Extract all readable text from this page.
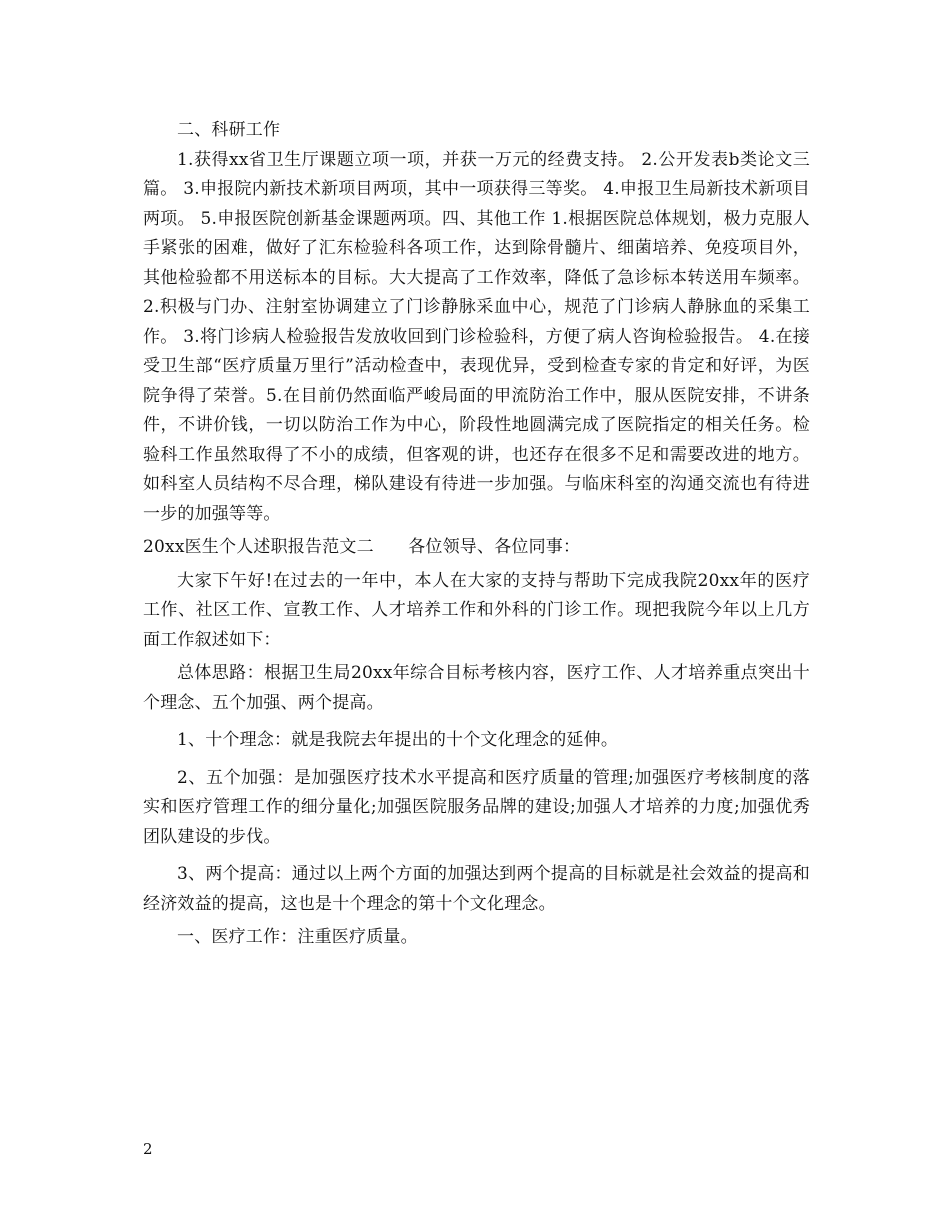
二、科研工作

1.获得xx省卫生厅课题立项一项，并获一万元的经费支持。 2.公开发表b类论文三篇。 3.申报院内新技术新项目两项，其中一项获得三等奖。 4.申报卫生局新技术新项目两项。 5.申报医院创新基金课题两项。四、其他工作 1.根据医院总体规划，极力克服人手紧张的困难，做好了汇东检验科各项工作，达到除骨髓片、细菌培养、免疫项目外，其他检验都不用送标本的目标。大大提高了工作效率，降低了急诊标本转送用车频率。 2.积极与门办、注射室协调建立了门诊静脉采血中心，规范了门诊病人静脉血的采集工作。 3.将门诊病人检验报告发放收回到门诊检验科，方便了病人咨询检验报告。 4.在接受卫生部“医疗质量万里行”活动检查中，表现优异，受到检查专家的肯定和好评，为医院争得了荣誉。5.在目前仍然面临严峻局面的甲流防治工作中，服从医院安排，不讲条件，不讲价钱，一切以防治工作为中心，阶段性地圆满完成了医院指定的相关任务。检验科工作虽然取得了不小的成绩，但客观的讲，也还存在很多不足和需要改进的地方。如科室人员结构不尽合理，梯队建设有待进一步加强。与临床科室的沟通交流也有待进一步的加强等等。

20xx医生个人述职报告范文二　　各位领导、各位同事：

大家下午好!在过去的一年中，本人在大家的支持与帮助下完成我院20xx年的医疗工作、社区工作、宣教工作、人才培养工作和外科的门诊工作。现把我院今年以上几方面工作叙述如下：

总体思路：根据卫生局20xx年综合目标考核内容，医疗工作、人才培养重点突出十个理念、五个加强、两个提高。

1、十个理念：就是我院去年提出的十个文化理念的延伸。

2、五个加强：是加强医疗技术水平提高和医疗质量的管理;加强医疗考核制度的落实和医疗管理工作的细分量化;加强医院服务品牌的建设;加强人才培养的力度;加强优秀团队建设的步伐。

3、两个提高：通过以上两个方面的加强达到两个提高的目标就是社会效益的提高和经济效益的提高，这也是十个理念的第十个文化理念。

一、医疗工作：注重医疗质量。

2
